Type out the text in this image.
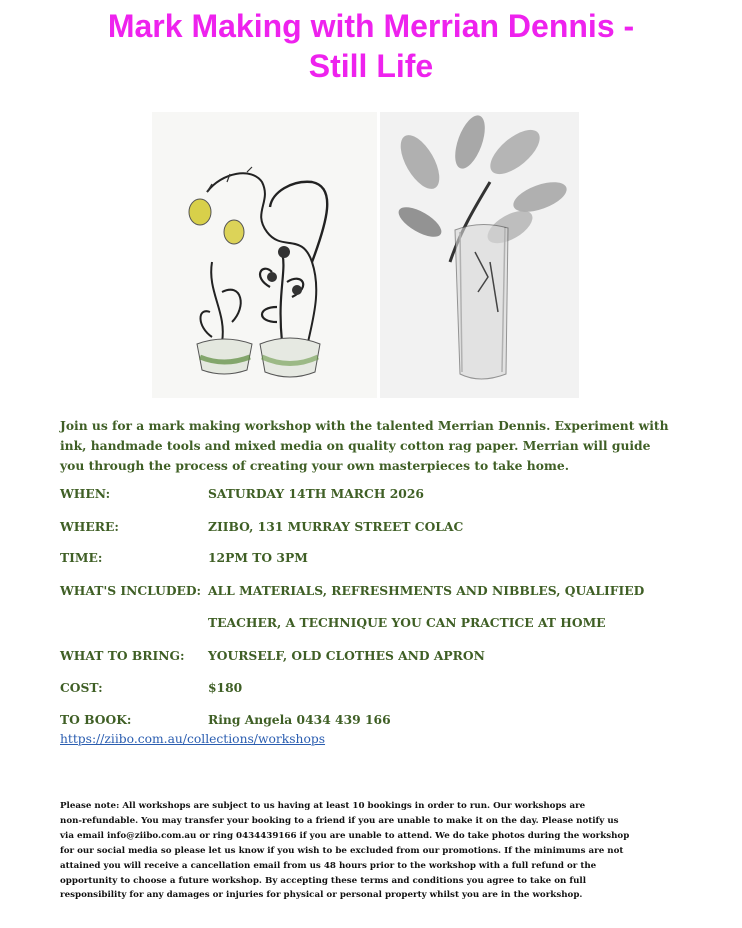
Mark Making with Merrian Dennis -
Still Life
Join us for a mark making workshop with the talented Merrian Dennis. Experiment with
ink, handmade tools and mixed media on quality cotton rag paper. Merrian will guide
you through the process of creating your own masterpieces to take home.
WHEN:	SATURDAY 14TH MARCH 2026
WHERE:	ZIIBO, 131 MURRAY STREET COLAC
TIME:	12PM TO 3PM
WHAT'S INCLUDED: ALL MATERIALS, REFRESHMENTS AND NIBBLES, QUALIFIED
TEACHER, A TECHNIQUE YOU CAN PRACTICE AT HOME
WHAT TO BRING: YOURSELF, OLD CLOTHES AND APRON
COST:	$180
TO BOOK:	Ring Angela 0434 439 166
https://ziibo.com.au/collections/workshops
Please note: All workshops are subject to us having at least 10 bookings in order to run. Our workshops are
non-refundable. You may transfer your booking to a friend if you are unable to make it on the day. Please notify us
via email info@ziibo.com.au or ring 0434439166 if you are unable to attend. We do take photos during the workshop
for our social media so please let us know if you wish to be excluded from our promotions. If the minimums are not
attained you will receive a cancellation email from us 48 hours prior to the workshop with a full refund or the
opportunity to choose a future workshop. By accepting these terms and conditions you agree to take on full
responsibility for any damages or injuries for physical or personal property whilst you are in the workshop.
